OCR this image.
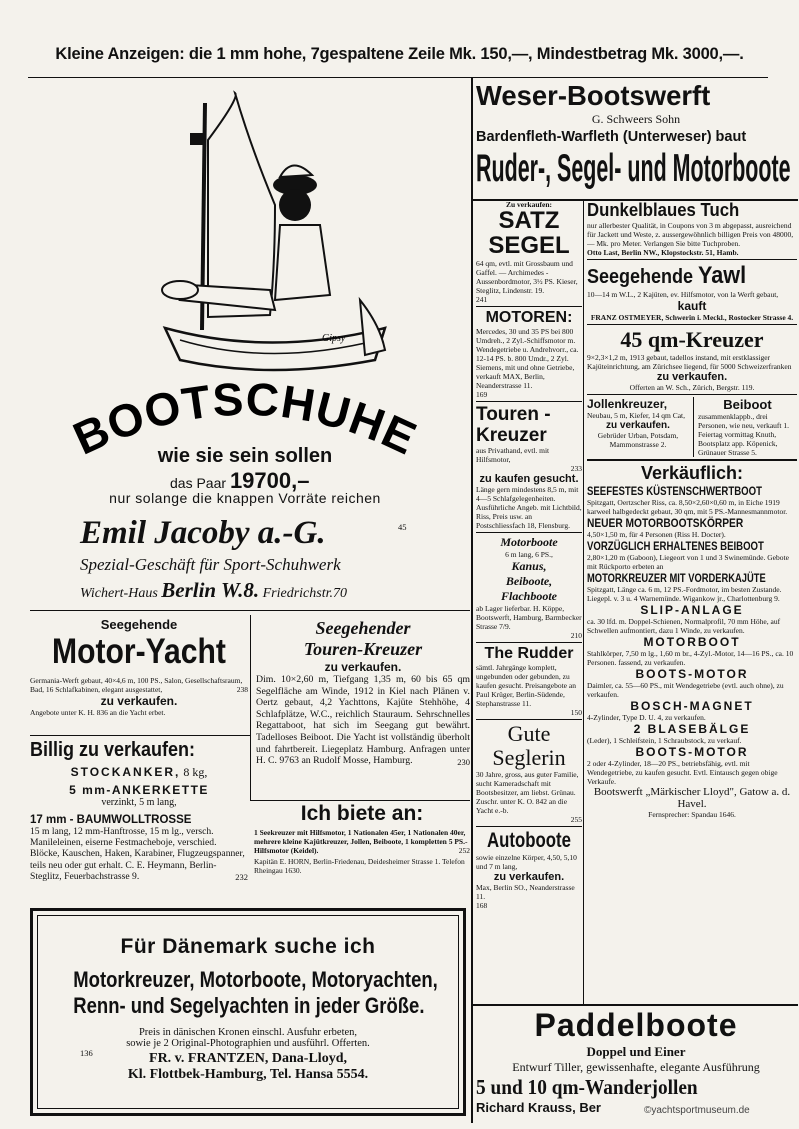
Kleine Anzeigen: die 1 mm hohe, 7gespaltene Zeile Mk. 150,—, Mindestbetrag Mk. 3000,—.
Gipsy
BOOTSCHUHE
wie sie sein sollen
das Paar 19700,–
nur solange die knappen Vorräte reichen
Emil Jacoby a.-G.	45
Spezial-Geschäft für Sport-Schuhwerk
Wichert-Haus Berlin W.8. Friedrichstr.70
Seegehende
Motor-Yacht
Germania-Werft gebaut, 40×4,6 m, 100 PS., Salon, Gesellschaftsraum, Bad, 16 Schlafkabinen, elegant ausgestattet,	238
zu verkaufen.
Angebote unter K. H. 836 an die Yacht erbet.
Seegehender
Touren-Kreuzer
zu verkaufen.
Dim. 10×2,60 m, Tiefgang 1,35 m, 60 bis 65 qm Segelfläche am Winde, 1912 in Kiel nach Plänen v. Oertz gebaut, 4,2 Yachttons, Kajüte Stehhöhe, 4 Schlafplätze, W.C., reichlich Stauraum. Sehrschnelles Regattaboot, hat sich im Seegang gut bewährt. Tadelloses Beiboot. Die Yacht ist vollständig überholt und fahrtbereit. Liegeplatz Hamburg. Anfragen unter H. C. 9763 an Rudolf Mosse, Hamburg.	230
Billig zu verkaufen:
STOCKANKER, 8 kg,
5 mm-ANKERKETTE
verzinkt, 5 m lang,
17 mm - BAUMWOLLTROSSE
15 m lang, 12 mm-Hanftrosse, 15 m lg., versch. Manileleinen, eiserne Festmacheboje, verschied. Blöcke, Kauschen, Haken, Karabiner, Flugzeugspanner, teils neu oder gut erhalt. C. E. Heymann, Berlin-Steglitz, Feuerbachstrasse 9.	232
Ich biete an:
1 Seekreuzer mit Hilfsmotor, 1 Nationalen 45er, 1 Nationalen 40er, mehrere kleine Kajütkreuzer, Jollen, Beiboote, 1 kompletten 5 PS.-Hilfsmotor (Keidel).	252
Kapitän E. HORN, Berlin-Friedenau, Deidesheimer Strasse 1. Telefon Rheingau 1630.
Für Dänemark suche ich
Motorkreuzer, Motorboote, Motoryachten,
Renn- und Segelyachten in jeder Größe.
136
Preis in dänischen Kronen einschl. Ausfuhr erbeten,
sowie je 2 Original-Photographien und ausführl. Offerten.
FR. v. FRANTZEN, Dana-Lloyd,
Kl. Flottbek-Hamburg, Tel. Hansa 5554.
Weser-Bootswerft
G. Schweers Sohn
Bardenfleth-Warfleth (Unterweser) baut
Ruder-, Segel- und Motorboote
Zu verkaufen:
SATZ
SEGEL
64 qm, evtl. mit Grossbaum und Gaffel. — Archimedes - Aussenbordmotor, 3½ PS. Kieser, Steglitz, Lindenstr. 19.
241
MOTOREN:
Mercedes, 30 und 35 PS bei 800 Umdreh., 2 Zyl.-Schiffsmotor m. Wendegetriebe u. Andrehvorr., ca. 12-14 PS. b. 800 Umdr., 2 Zyl. Siemens, mit und ohne Getriebe, verkauft MAX, Berlin, Neanderstrasse 11.
169
Touren -
Kreuzer
aus Privathand, evtl. mit Hilfsmotor,
233
zu kaufen gesucht.
Länge gern mindestens 8,5 m, mit 4—5 Schlafgelegenheiten. Ausführliche Angeb. mit Lichtbild, Riss, Preis usw. an Postschliessfach 18, Flensburg.
Motorboote
6 m lang, 6 PS.,
Kanus,
Beiboote,
Flachboote
ab Lager lieferbar. H. Köppe, Bootswerft, Hamburg, Barmbecker Strasse 7/9.
210
The Rudder
sämtl. Jahrgänge komplett, ungebunden oder gebunden, zu kaufen gesucht. Preisangebote an Paul Krüger, Berlin-Südende, Stephanstrasse 11.
150
Gute
Seglerin
30 Jahre, gross, aus guter Familie, sucht Kameradschaft mit Bootsbesitzer, am liebst. Grünau. Zuschr. unter K. O. 842 an die Yacht e.-b.
255
Autoboote
sowie einzelne Körper, 4,50, 5,10 und 7 m lang,
zu verkaufen.
Max, Berlin SO., Neanderstrasse 11.
168
Dunkelblaues Tuch
nur allerbester Qualität, in Coupons von 3 m abgepasst, ausreichend für Jackett und Weste, z. aussergewöhnlich billigen Preis von 48000,— Mk. pro Meter. Verlangen Sie bitte Tuchproben.
Otto Last, Berlin NW., Klopstockstr. 51, Hamb.
Seegehende Yawl
10—14 m W.L., 2 Kajüten, ev. Hilfsmotor, von la Werft gebaut,
kauft
FRANZ OSTMEYER, Schwerin i. Meckl., Rostocker Strasse 4.
45 qm-Kreuzer
9×2,3×1,2 m, 1913 gebaut, tadellos instand, mit erstklassiger Kajüteinrichtung, am Zürichsee liegend, für 5000 Schweizerfranken
zu verkaufen.
Offerten an W. Sch., Zürich, Bergstr. 119.
Jollenkreuzer,
Neubau, 5 m, Kiefer, 14 qm Cat,
zu verkaufen.
Gebrüder Urban, Potsdam, Mammonstrasse 2.
Beiboot
zusammenklappb., drei Personen, wie neu, verkauft 1. Feiertag vormittag Knuth, Bootsplatz app. Köpenick, Grünauer Strasse 5.
Verkäuflich:
SEEFESTES KÜSTENSCHWERTBOOT
Spitzgatt, Oertzscher Riss, ca. 8,50×2,60×0,60 m, in Eiche 1919 karweel halbgedeckt gebaut, 30 qm, mit 5 PS.-Mannesmannmotor.
NEUER MOTORBOOTSKÖRPER
4,50×1,50 m, für 4 Personen (Riss H. Docter).
VORZÜGLICH ERHALTENES BEIBOOT
2,80×1,20 m (Gaboon), Liegeort von 1 und 3 Swinemünde. Gebote mit Rückporto erbeten an
MOTORKREUZER MIT VORDERKAJÜTE
Spitzgatt, Länge ca. 6 m, 12 PS.-Fordmotor, im besten Zustande. Liegepl. v. 3 u. 4 Warnemünde. Wigankow jr., Charlottenburg 9.
SLIP-ANLAGE
ca. 30 lfd. m. Doppel-Schienen, Normalprofil, 70 mm Höhe, auf Schwellen aufmontiert, dazu 1 Winde, zu verkaufen.
MOTORBOOT
Stahlkörper, 7,50 m lg., 1,60 m br., 4-Zyl.-Motor, 14—16 PS., ca. 10 Personen. fassend, zu verkaufen.
BOOTS-MOTOR
Daimler, ca. 55—60 PS., mit Wendegetriebe (evtl. auch ohne), zu verkaufen.
BOSCH-MAGNET
4-Zylinder, Type D. U. 4, zu verkaufen.
2 BLASEBÄLGE
(Leder), 1 Schleifstein, 1 Schraubstock, zu verkauf.
BOOTS-MOTOR
2 oder 4-Zylinder, 18—20 PS., betriebsfähig, evtl. mit Wendegetriebe, zu kaufen gesucht. Evtl. Eintausch gegen obige Verkaufe.
Bootswerft „Märkischer Lloyd", Gatow a. d. Havel.
Fernsprecher: Spandau 1646.
Paddelboote
Doppel und Einer
Entwurf Tiller, gewissenhafte, elegante Ausführung
5 und 10 qm-Wanderjollen
Richard Krauss, Ber	©yachtsportmuseum.de
